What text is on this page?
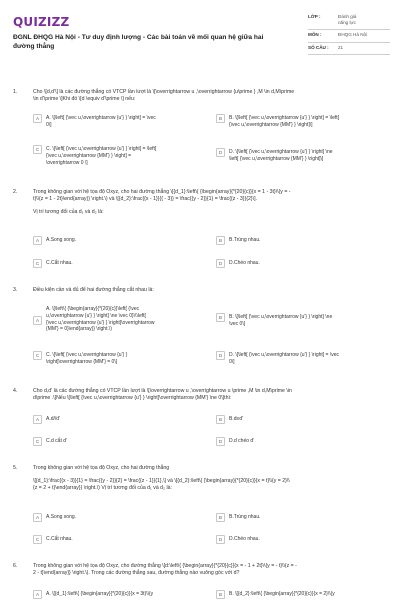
QUIZIZZ
ĐGNL ĐHQG Hà Nội - Tư duy định lượng - Các bài toán về mối quan hệ giữa hai
đường thẳng
LỚP :	Đánh giá
năng lực
MÔN :	ĐHQG Hà Nội
SỐ CÂU :	21
1.	Cho \[d,d'\] là các đường thẳng có VTCP lần lượt là \[\overrightarrow u ,\overrightarrow {u\prime } ,M \in d,M\prime
\in d'\prime \]Khi đó \[d \equiv d'\prime \] nếu:
A	A. \[\left[ {\vec u,\overrightarrow {u'} } \right] = \vec
0\]
B	B. \[\left[ {\vec u,\overrightarrow {u'} } \right] = \left[
{\vec u,\overrightarrow {MM'} } \right]\]
C	C. \[\left[ {\vec u,\overrightarrow {u'} } \right] = \left[
{\vec u,\overrightarrow {MM'} } \right] =
\overrightarrow 0 \]
D	D. \[\left[ {\vec u,\overrightarrow {u'} } \right] \ne
\left[ {\vec u,\overrightarrow {MM'} } \right]\]
2.	Trong không gian với hệ tọa độ Oxyz, cho hai đường thẳng \[{d_1}:\left\{ {\begin{array}{*{20}{c}}{x = 1 - 3t}\\{y = -
t}\\{z = 1 - 2t}\end{array}} \right.\) và \[{d_2}:\frac{{x - 1}}{{ - 3}} = \frac{{y - 2}}{1} = \frac{{z - 3}}{2}\].
Vị trí tương đối của d₁ và d₂ là:
A	A.Song song.	B	B.Trùng nhau.
C	C.Cắt nhau.	D	D.Chéo nhau.
3.	Điều kiện cần và đủ để hai đường thẳng cắt nhau là:
A
A. \[\left\{ {\begin{array}{*{20}{c}}\left[ {\vec
u,\overrightarrow {u'} } \right] \ne \vec 0}\\\left[
{\vec u,\overrightarrow {u'} } \right]\overrightarrow
{MM'} = 0}\end{array}} \right.\)
B	B. \[\left[ {\vec u,\overrightarrow {u'} } \right] \ne
\vec 0\]
C	C. \[\left[ {\vec u,\overrightarrow {u'} }
\right]\overrightarrow {MM'} = 0\]
D	D. \[\left[ {\vec u,\overrightarrow {u'} } \right] = \vec
0\]
4.	Cho d,d' là các đường thẳng có VTCP lần lượt là \[\overrightarrow u ,\overrightarrow u \prime ,M \in d,M\prime \in
d\prime .\]Nếu \[\left[ {\vec u,\overrightarrow {u'} } \right]\overrightarrow {MM'} \ne 0\]thì:
A	A.d//d'	B	B.d≡d'
C	C.d cắt d'	D	D.d chéo d'
5.	Trong không gian với hệ tọa độ Oxyz, cho hai đường thẳng
\[{d_1}:\frac{{x - 3}}{1} = \frac{{y - 2}}{2} = \frac{{z - 1}}{1},\] và \[{d_2}:\left\{ {\begin{array}{*{20}{c}}{x = t}\\{y = 2}\\
{z = 2 + t}\end{array}} \right.\) Vị trí tương đối của d₁ và d₂ là:
A	A.Song song.	B	B.Trùng nhau.
C	C.Cắt nhau.	D	D.Chéo nhau.
6.	Trong không gian với hệ tọa độ Oxyz, cho đường thẳng \[d:\left\{ {\begin{array}{*{20}{c}}{x = - 1 + 2t}\\{y = - t}\\{z = -
2 - t}\end{array}} \right.\). Trong các đường thẳng sau, đường thẳng nào vuông góc với d?
A	A. \[{d_1}:\left\{ {\begin{array}{*{20}{c}}{x = 3t}\\{y	B	B. \[{d_2}:\left\{ {\begin{array}{*{20}{c}}{x = 2}\\{y
